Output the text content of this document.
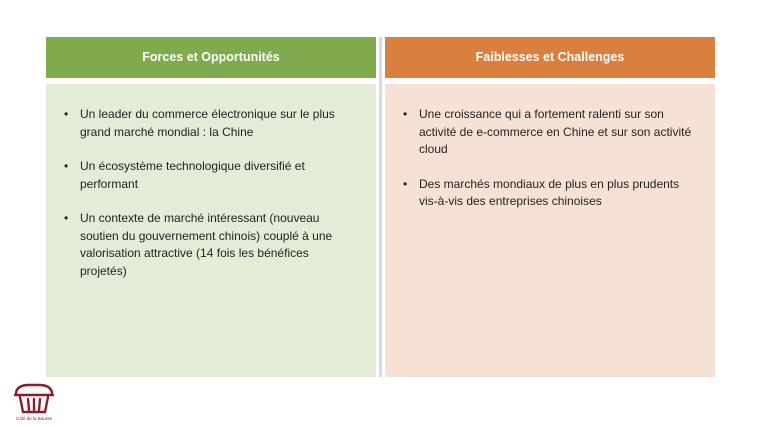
Forces et Opportunités
• Un leader du commerce électronique sur le plus grand marché mondial : la Chine
• Un écosystème technologique diversifié et performant
• Un contexte de marché intéressant (nouveau soutien du gouvernement chinois) couplé à une valorisation attractive (14 fois les bénéfices projetés)
Faiblesses et Challenges
• Une croissance qui a fortement ralenti sur son activité de e-commerce en Chine et sur son activité cloud
• Des marchés mondiaux de plus en plus prudents vis-à-vis des entreprises chinoises
Café de la Bourse
